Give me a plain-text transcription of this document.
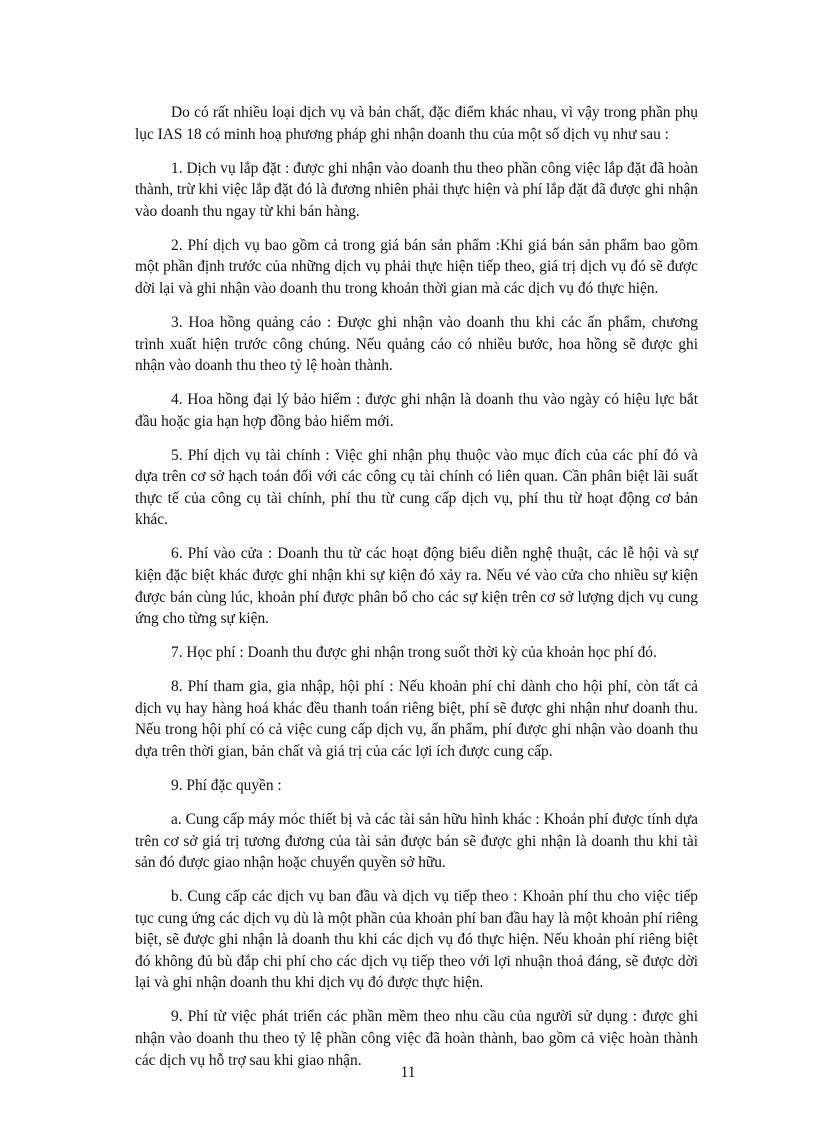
Do có rất nhiều loại dịch vụ và bản chất, đặc điểm khác nhau, vì vậy trong phần phụ lục IAS 18 có minh hoạ phương pháp ghi nhận doanh thu của một số dịch vụ như sau :

1. Dịch vụ lắp đặt : được ghi nhận vào doanh thu theo phần công việc lắp đặt đã hoàn thành, trừ khi việc lắp đặt đó là đương nhiên phải thực hiện và phí lắp đặt đã được ghi nhận vào doanh thu ngay từ khi bán hàng.

2. Phí dịch vụ bao gồm cả trong giá bán sản phẩm :Khi giá bán sản phẩm bao gồm một phần định trước của những dịch vụ phải thực hiện tiếp theo, giá trị dịch vụ đó sẽ được dời lại và ghi nhận vào doanh thu trong khoản thời gian mà các dịch vụ đó thực hiện.

3. Hoa hồng quảng cáo : Được ghi nhận vào doanh thu khi các ấn phẩm, chương trình xuất hiện trước công chúng. Nếu quảng cáo có nhiều bước, hoa hồng sẽ được ghi nhận vào doanh thu theo tỷ lệ hoàn thành.

4. Hoa hồng đại lý bảo hiểm : được ghi nhận là doanh thu vào ngày có hiệu lực bắt đầu hoặc gia hạn hợp đồng bảo hiểm mới.

5. Phí dịch vụ tài chính : Việc ghi nhận phụ thuộc vào mục đích của các phí đó và dựa trên cơ sở hạch toán đối với các công cụ tài chính có liên quan. Cần phân biệt lãi suất thực tế của công cụ tài chính, phí thu từ cung cấp dịch vụ, phí thu từ hoạt động cơ bản khác.

6. Phí vào cửa : Doanh thu từ các hoạt động biểu diễn nghệ thuật, các lễ hội và sự kiện đặc biệt khác được ghi nhận khi sự kiện đó xảy ra. Nếu vé vào cửa cho nhiều sự kiện được bán cùng lúc, khoản phí được phân bổ cho các sự kiện trên cơ sở lượng dịch vụ cung ứng cho từng sự kiện.

7. Học phí : Doanh thu được ghi nhận trong suốt thời kỳ của khoản học phí đó.

8. Phí tham gia, gia nhập, hội phí : Nếu khoản phí chỉ dành cho hội phí, còn tất cả dịch vụ hay hàng hoá khác đều thanh toán riêng biệt, phí sẽ được ghi nhận như doanh thu. Nếu trong hội phí có cả việc cung cấp dịch vụ, ấn phẩm, phí được ghi nhận vào doanh thu dựa trên thời gian, bản chất và giá trị của các lợi ích được cung cấp.

9. Phí đặc quyền :

a. Cung cấp máy móc thiết bị và các tài sản hữu hình khác : Khoản phí được tính dựa trên cơ sở giá trị tương đương của tài sản được bán sẽ được ghi nhận là doanh thu khi tài sản đó được giao nhận hoặc chuyển quyền sở hữu.

b. Cung cấp các dịch vụ ban đầu và dịch vụ tiếp theo : Khoản phí thu cho việc tiếp tục cung ứng các dịch vụ dù là một phần của khoản phí ban đầu hay là một khoản phí riêng biệt, sẽ được ghi nhận là doanh thu khi các dịch vụ đó thực hiện. Nếu khoản phí riêng biệt đó không đủ bù đắp chi phí cho các dịch vụ tiếp theo với lợi nhuận thoả đáng, sẽ được dời lại và ghi nhận doanh thu khi dịch vụ đó được thực hiện.

9. Phí từ việc phát triển các phần mềm theo nhu cầu của người sử dụng : được ghi nhận vào doanh thu theo tỷ lệ phần công việc đã hoàn thành, bao gồm cả việc hoàn thành các dịch vụ hỗ trợ sau khi giao nhận.

11
